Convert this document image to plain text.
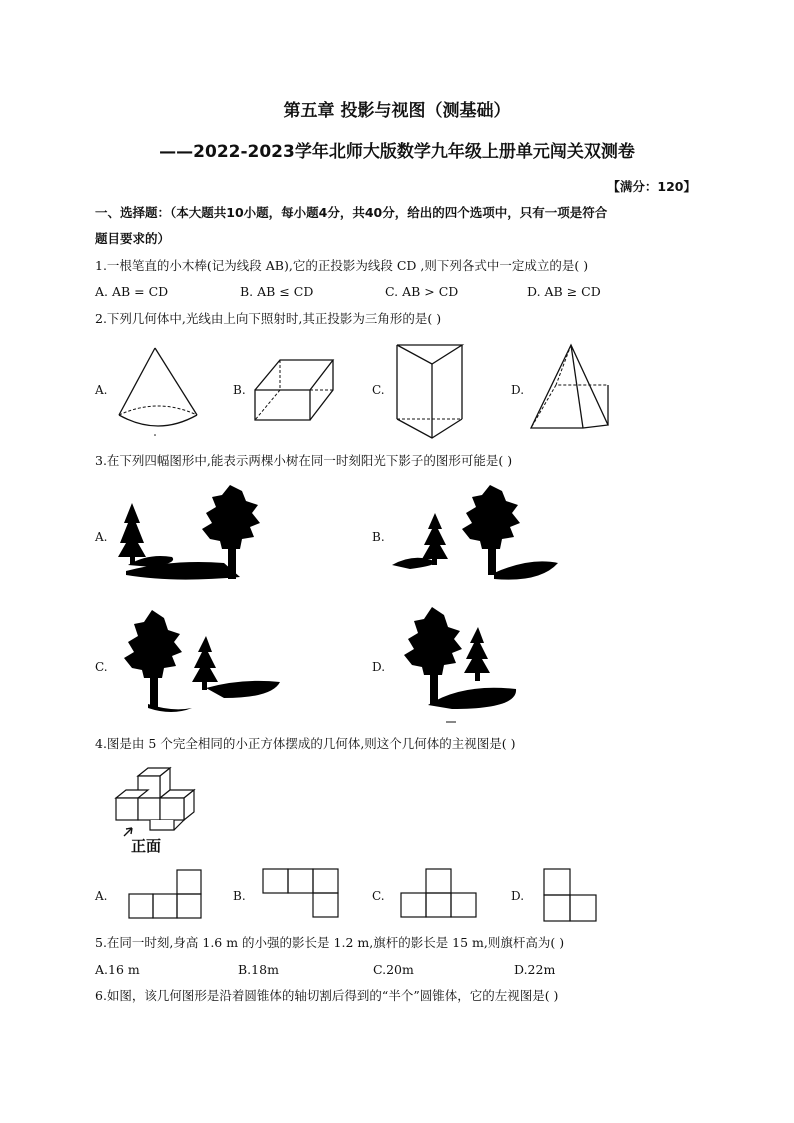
第五章 投影与视图（测基础）
——2022-2023学年北师大版数学九年级上册单元闯关双测卷
【满分：120】
一、选择题：（本大题共10小题，每小题4分，共40分，给出的四个选项中，只有一项是符合
题目要求的）
1.一根笔直的小木棒(记为线段 AB),它的正投影为线段 CD ,则下列各式中一定成立的是( )
A. AB = CD	B. AB ≤ CD	C. AB > CD	D. AB ≥ CD
2.下列几何体中,光线由上向下照射时,其正投影为三角形的是( )
A.	B.	C.	D.
3.在下列四幅图形中,能表示两棵小树在同一时刻阳光下影子的图形可能是( )
A.	B.
C.	D.
4.图是由 5 个完全相同的小正方体摆成的几何体,则这个几何体的主视图是( )
正面
A.	B.	C.	D.
5.在同一时刻,身高 1.6 m 的小强的影长是 1.2 m,旗杆的影长是 15 m,则旗杆高为( )
A.16 m	B.18m	C.20m	D.22m
6.如图，该几何图形是沿着圆锥体的轴切割后得到的“半个”圆锥体，它的左视图是( )
